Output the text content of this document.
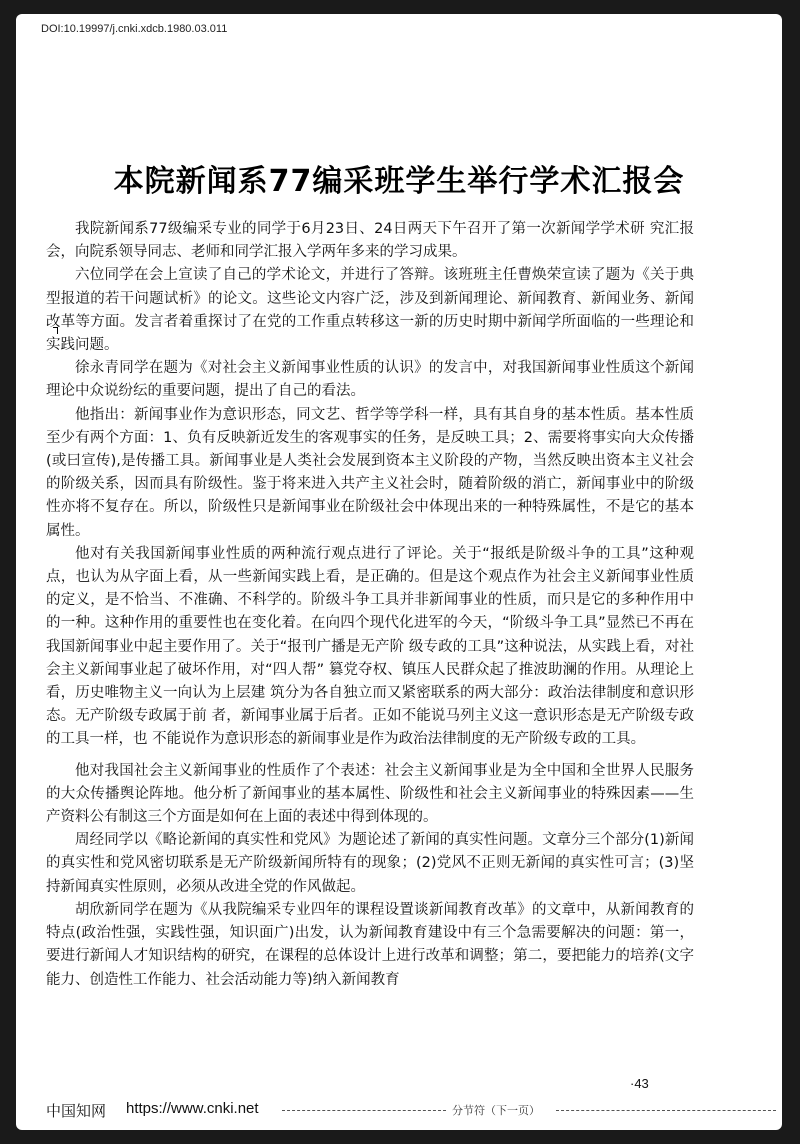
DOI:10.19997/j.cnki.xdcb.1980.03.011
本院新闻系77编采班学生举行学术汇报会

我院新闻系77级编采专业的同学于6月23日、24日两天下午召开了第一次新闻学学术研 究汇报会，向院系领导同志、老师和同学汇报入学两年多来的学习成果。

六位同学在会上宣读了自己的学术论文，并进行了答辩。该班班主任曹焕荣宣读了题为《关于典型报道的若干问题试析》的论文。这些论文内容广泛，涉及到新闻理论、新闻教育、新闻业务、新闻改革等方面。发言者着重探讨了在党的工作重点转移这一新的历史时期中新闻学所面临的一些理论和实践问题。

徐永青同学在题为《对社会主义新闻事业性质的认识》的发言中，对我国新闻事业性质这个新闻理论中众说纷纭的重要问题，提出了自己的看法。

他指出：新闻事业作为意识形态，同文艺、哲学等学科一样，具有其自身的基本性质。基本性质至少有两个方面：1、负有反映新近发生的客观事实的任务，是反映工具；2、需要将事实向大众传播(或曰宣传),是传播工具。新闻事业是人类社会发展到资本主义阶段的产物，当然反映出资本主义社会的阶级关系，因而具有阶级性。鉴于将来进入共产主义社会时，随着阶级的消亡，新闻事业中的阶级性亦将不复存在。所以，阶级性只是新闻事业在阶级社会中体现出来的一种特殊属性，不是它的基本属性。

他对有关我国新闻事业性质的两种流行观点进行了评论。关于“报纸是阶级斗争的工具”这种观点，也认为从字面上看，从一些新闻实践上看，是正确的。但是这个观点作为社会主义新闻事业性质的定义，是不恰当、不准确、不科学的。阶级斗争工具并非新闻事业的性质，而只是它的多种作用中的一种。这种作用的重要性也在变化着。在向四个现代化进军的今天，“阶级斗争工具”显然已不再在我国新闻事业中起主要作用了。关于“报刊广播是无产阶 级专政的工具”这种说法，从实践上看，对社会主义新闻事业起了破坏作用，对“四人帮” 篡党夺权、镇压人民群众起了推波助澜的作用。从理论上看，历史唯物主义一向认为上层建 筑分为各自独立而又紧密联系的两大部分：政治法律制度和意识形态。无产阶级专政属于前 者，新闻事业属于后者。正如不能说马列主义这一意识形态是无产阶级专政的工具一样，也 不能说作为意识形态的新闹事业是作为政治法律制度的无产阶级专政的工具。

他对我国社会主义新闻事业的性质作了个表述：社会主义新闻事业是为全中国和全世界人民服务的大众传播舆论阵地。他分析了新闻事业的基本属性、阶级性和社会主义新闻事业的特殊因素——生产资料公有制这三个方面是如何在上面的表述中得到体现的。

周经同学以《略论新闻的真实性和党风》为题论述了新闻的真实性问题。文章分三个部分(1)新闻的真实性和党风密切联系是无产阶级新闻所特有的现象；(2)党风不正则无新闻的真实性可言；(3)坚持新闻真实性原则，必须从改进全党的作风做起。

胡欣新同学在题为《从我院编采专业四年的课程设置谈新闻教育改革》的文章中，从新闻教育的特点(政治性强，实践性强，知识面广)出发，认为新闻教育建设中有三个急需要解决的问题：第一，要进行新闻人才知识结构的研究，在课程的总体设计上进行改革和调整；第二，要把能力的培养(文字能力、创造性工作能力、社会活动能力等)纳入新闻教育

·43
中国知网 https://www.cnki.net	分节符（下一页）
